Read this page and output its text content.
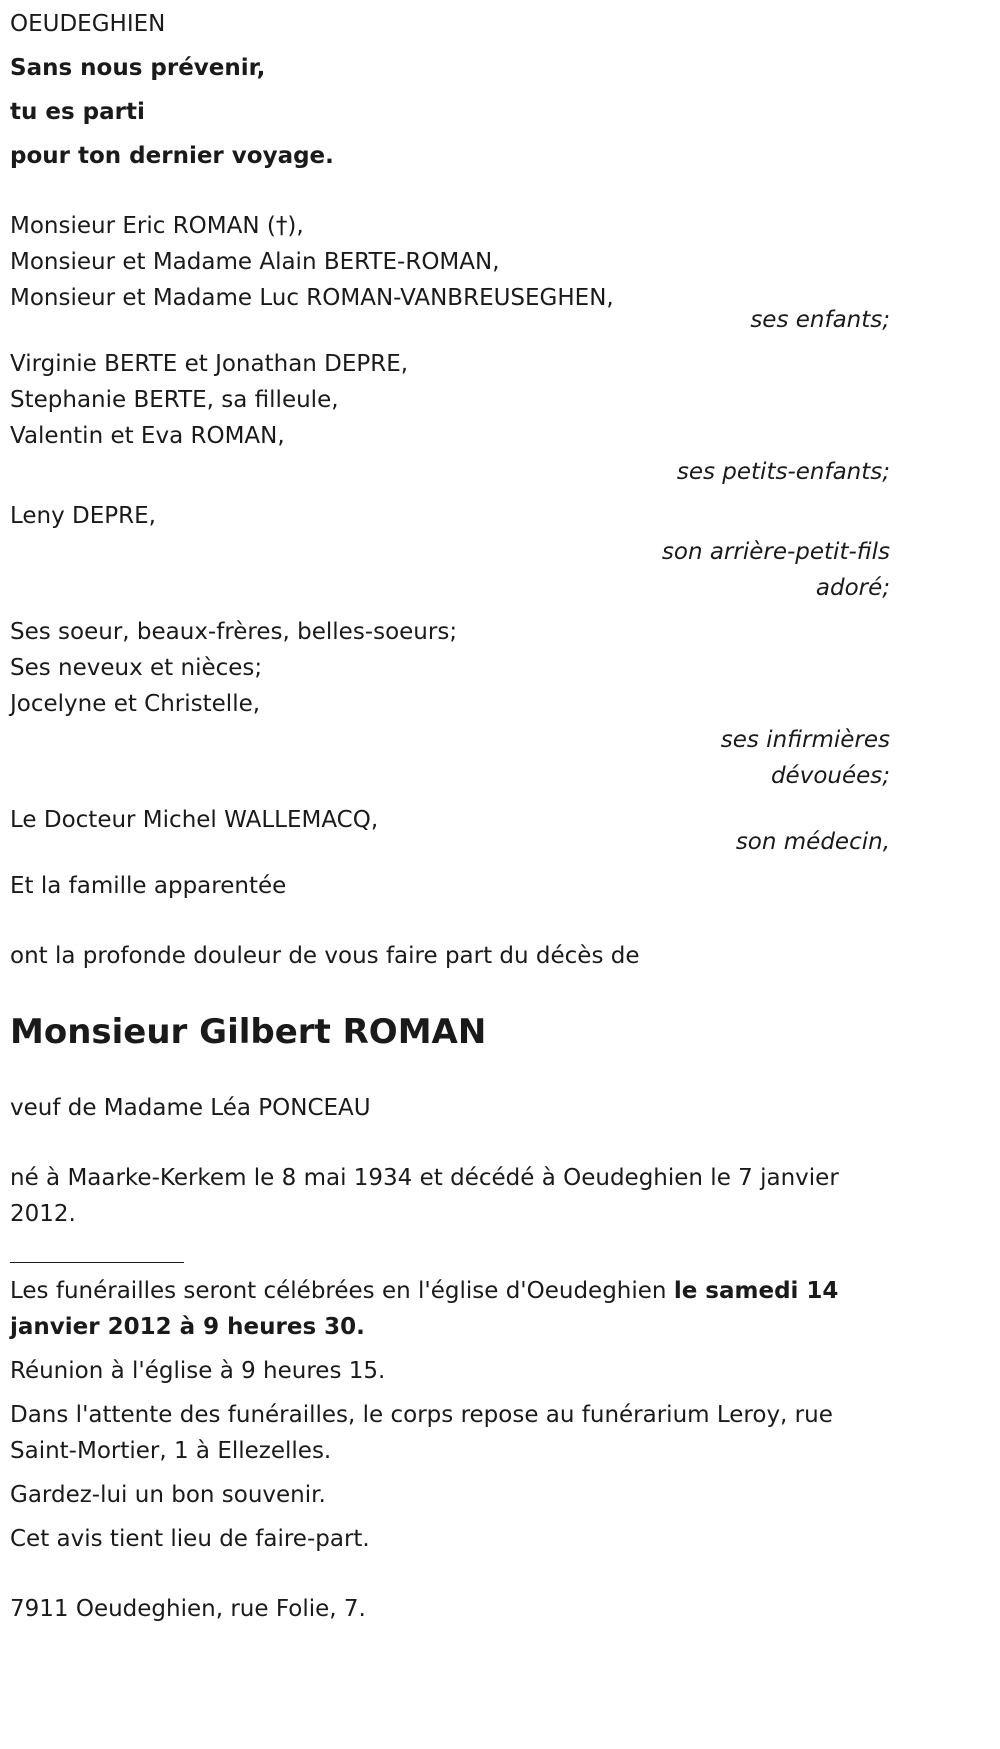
OEUDEGHIEN
Sans nous prévenir,
tu es parti
pour ton dernier voyage.
Monsieur Eric ROMAN (†),
Monsieur et Madame Alain BERTE-ROMAN,
Monsieur et Madame Luc ROMAN-VANBREUSEGHEN,
ses enfants;
Virginie BERTE et Jonathan DEPRE,
Stephanie BERTE, sa filleule,
Valentin et Eva ROMAN,
ses petits-enfants;
Leny DEPRE,
son arrière-petit-fils
adoré;
Ses soeur, beaux-frères, belles-soeurs;
Ses neveux et nièces;
Jocelyne et Christelle,
ses infirmières
dévouées;
Le Docteur Michel WALLEMACQ,
son médecin,
Et la famille apparentée
ont la profonde douleur de vous faire part du décès de
Monsieur Gilbert ROMAN
veuf de Madame Léa PONCEAU
né à Maarke-Kerkem le 8 mai 1934 et décédé à Oeudeghien le 7 janvier 2012.
Les funérailles seront célébrées en l'église d'Oeudeghien le samedi 14 janvier 2012 à 9 heures 30.
Réunion à l'église à 9 heures 15.
Dans l'attente des funérailles, le corps repose au funérarium Leroy, rue Saint-Mortier, 1 à Ellezelles.
Gardez-lui un bon souvenir.
Cet avis tient lieu de faire-part.
7911 Oeudeghien, rue Folie, 7.
